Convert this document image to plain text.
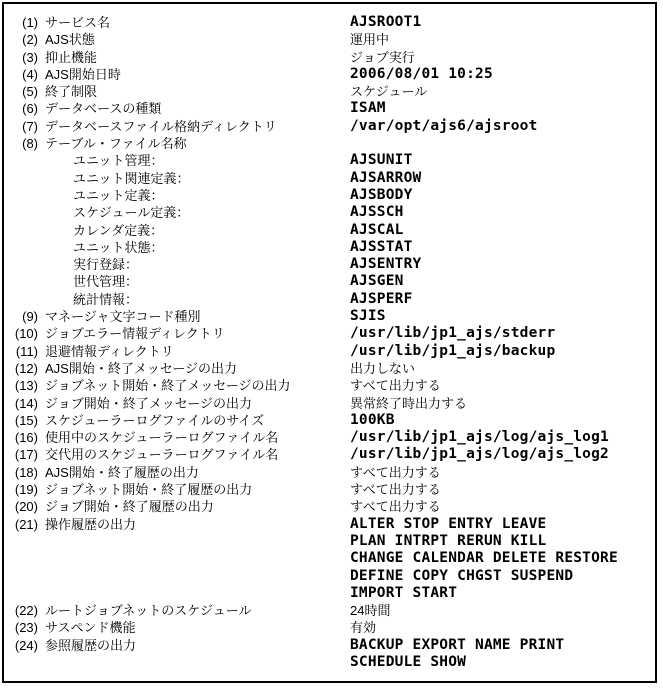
(1) サービス名	AJSROOT1
(2) AJS状態	運用中
(3) 抑止機能	ジョブ実行
(4) AJS開始日時	2006/08/01 10:25
(5) 終了制限	スケジュール
(6) データベースの種類	ISAM
(7) データベースファイル格納ディレクトリ	/var/opt/ajs6/ajsroot
(8) テーブル・ファイル名称
ユニット管理：	AJSUNIT
ユニット関連定義：	AJSARROW
ユニット定義：	AJSBODY
スケジュール定義：	AJSSCH
カレンダ定義：	AJSCAL
ユニット状態：	AJSSTAT
実行登録：	AJSENTRY
世代管理：	AJSGEN
統計情報：	AJSPERF
(9) マネージャ文字コード種別	SJIS
(10) ジョブエラー情報ディレクトリ	/usr/lib/jp1_ajs/stderr
(11) 退避情報ディレクトリ	/usr/lib/jp1_ajs/backup
(12) AJS開始・終了メッセージの出力	出力しない
(13) ジョブネット開始・終了メッセージの出力	すべて出力する
(14) ジョブ開始・終了メッセージの出力	異常終了時出力する
(15) スケジューラーログファイルのサイズ	100KB
(16) 使用中のスケジューラーログファイル名	/usr/lib/jp1_ajs/log/ajs_log1
(17) 交代用のスケジューラーログファイル名	/usr/lib/jp1_ajs/log/ajs_log2
(18) AJS開始・終了履歴の出力	すべて出力する
(19) ジョブネット開始・終了履歴の出力	すべて出力する
(20) ジョブ開始・終了履歴の出力	すべて出力する
(21) 操作履歴の出力	ALTER STOP ENTRY LEAVE
PLAN INTRPT RERUN KILL
CHANGE CALENDAR DELETE RESTORE
DEFINE COPY CHGST SUSPEND
IMPORT START
(22) ルートジョブネットのスケジュール	24時間
(23) サスペンド機能	有効
(24) 参照履歴の出力	BACKUP EXPORT NAME PRINT
SCHEDULE SHOW
